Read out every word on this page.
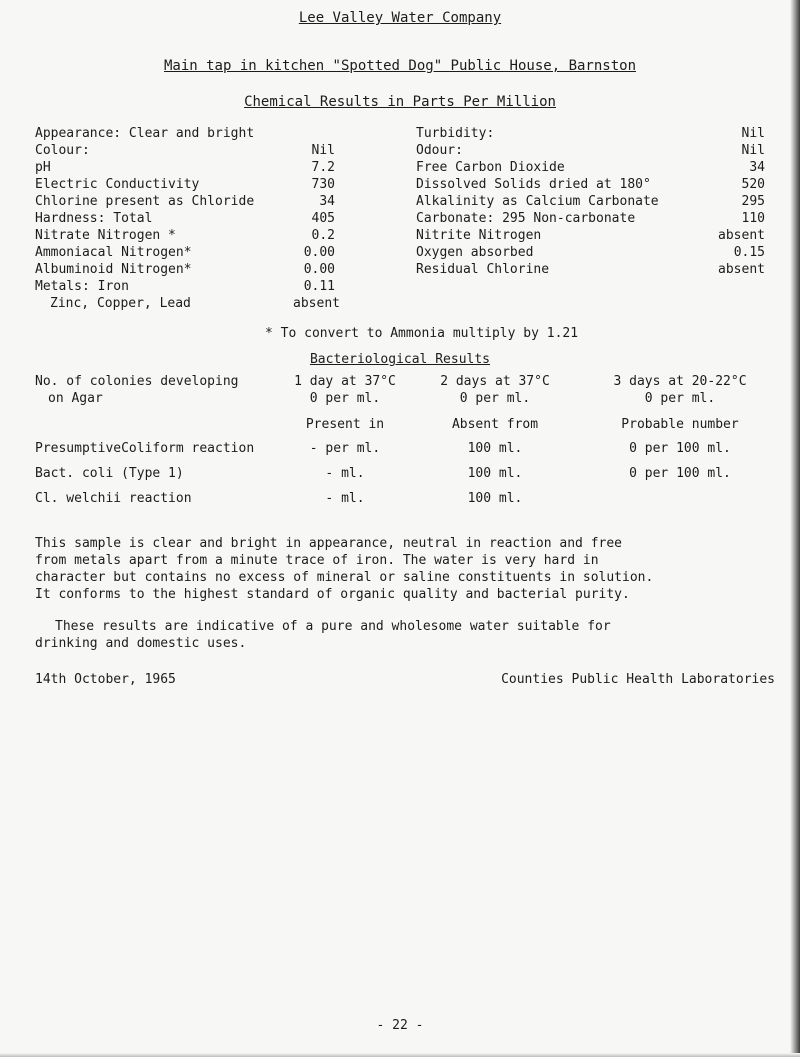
Lee Valley Water Company
Main tap in kitchen "Spotted Dog" Public House, Barnston
Chemical Results in Parts Per Million
Appearance: Clear and bright
Colour:	Nil
pH	7.2
Electric Conductivity	730
Chlorine present as Chloride	34
Hardness: Total	405
Nitrate Nitrogen *	0.2
Ammoniacal Nitrogen*	0.00
Albuminoid Nitrogen*	0.00
Metals: Iron	0.11
Zinc, Copper, Lead	absent
Turbidity:	Nil
Odour:	Nil
Free Carbon Dioxide	34
Dissolved Solids dried at 180°	520
Alkalinity as Calcium Carbonate	295
Carbonate: 295 Non-carbonate	110
Nitrite Nitrogen	absent
Oxygen absorbed	0.15
Residual Chlorine	absent
* To convert to Ammonia multiply by 1.21
Bacteriological Results
No. of colonies developing
on Agar
1 day at 37°C	2 days at 37°C	3 days at 20-22°C
0 per ml.	0 per ml.	0 per ml.
Present in	Absent from	Probable number
PresumptiveColiform reaction	- per ml.	100 ml.	0 per 100 ml.
Bact. coli (Type 1)	- ml.	100 ml.	0 per 100 ml.
Cl. welchii reaction	- ml.	100 ml.
This sample is clear and bright in appearance, neutral in reaction and free
from metals apart from a minute trace of iron. The water is very hard in
character but contains no excess of mineral or saline constituents in solution.
It conforms to the highest standard of organic quality and bacterial purity.
These results are indicative of a pure and wholesome water suitable for
drinking and domestic uses.
14th October, 1965	Counties Public Health Laboratories
- 22 -
